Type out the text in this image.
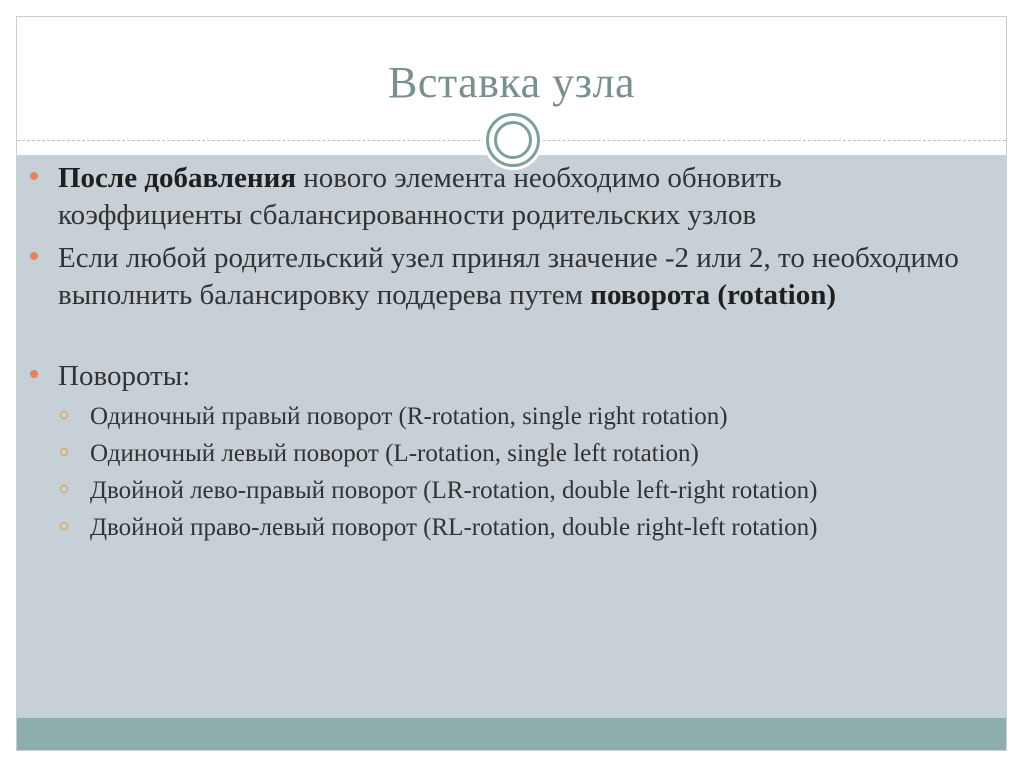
Вставка узла
После добавления нового элемента необходимо обновить коэффициенты сбалансированности родительских узлов
Если любой родительский узел принял значение -2 или 2, то необходимо выполнить балансировку поддерева путем поворота (rotation)
Повороты:
Одиночный правый поворот (R-rotation, single right rotation)
Одиночный левый поворот (L-rotation, single left rotation)
Двойной лево-правый поворот (LR-rotation, double left-right rotation)
Двойной право-левый поворот (RL-rotation, double right-left rotation)
